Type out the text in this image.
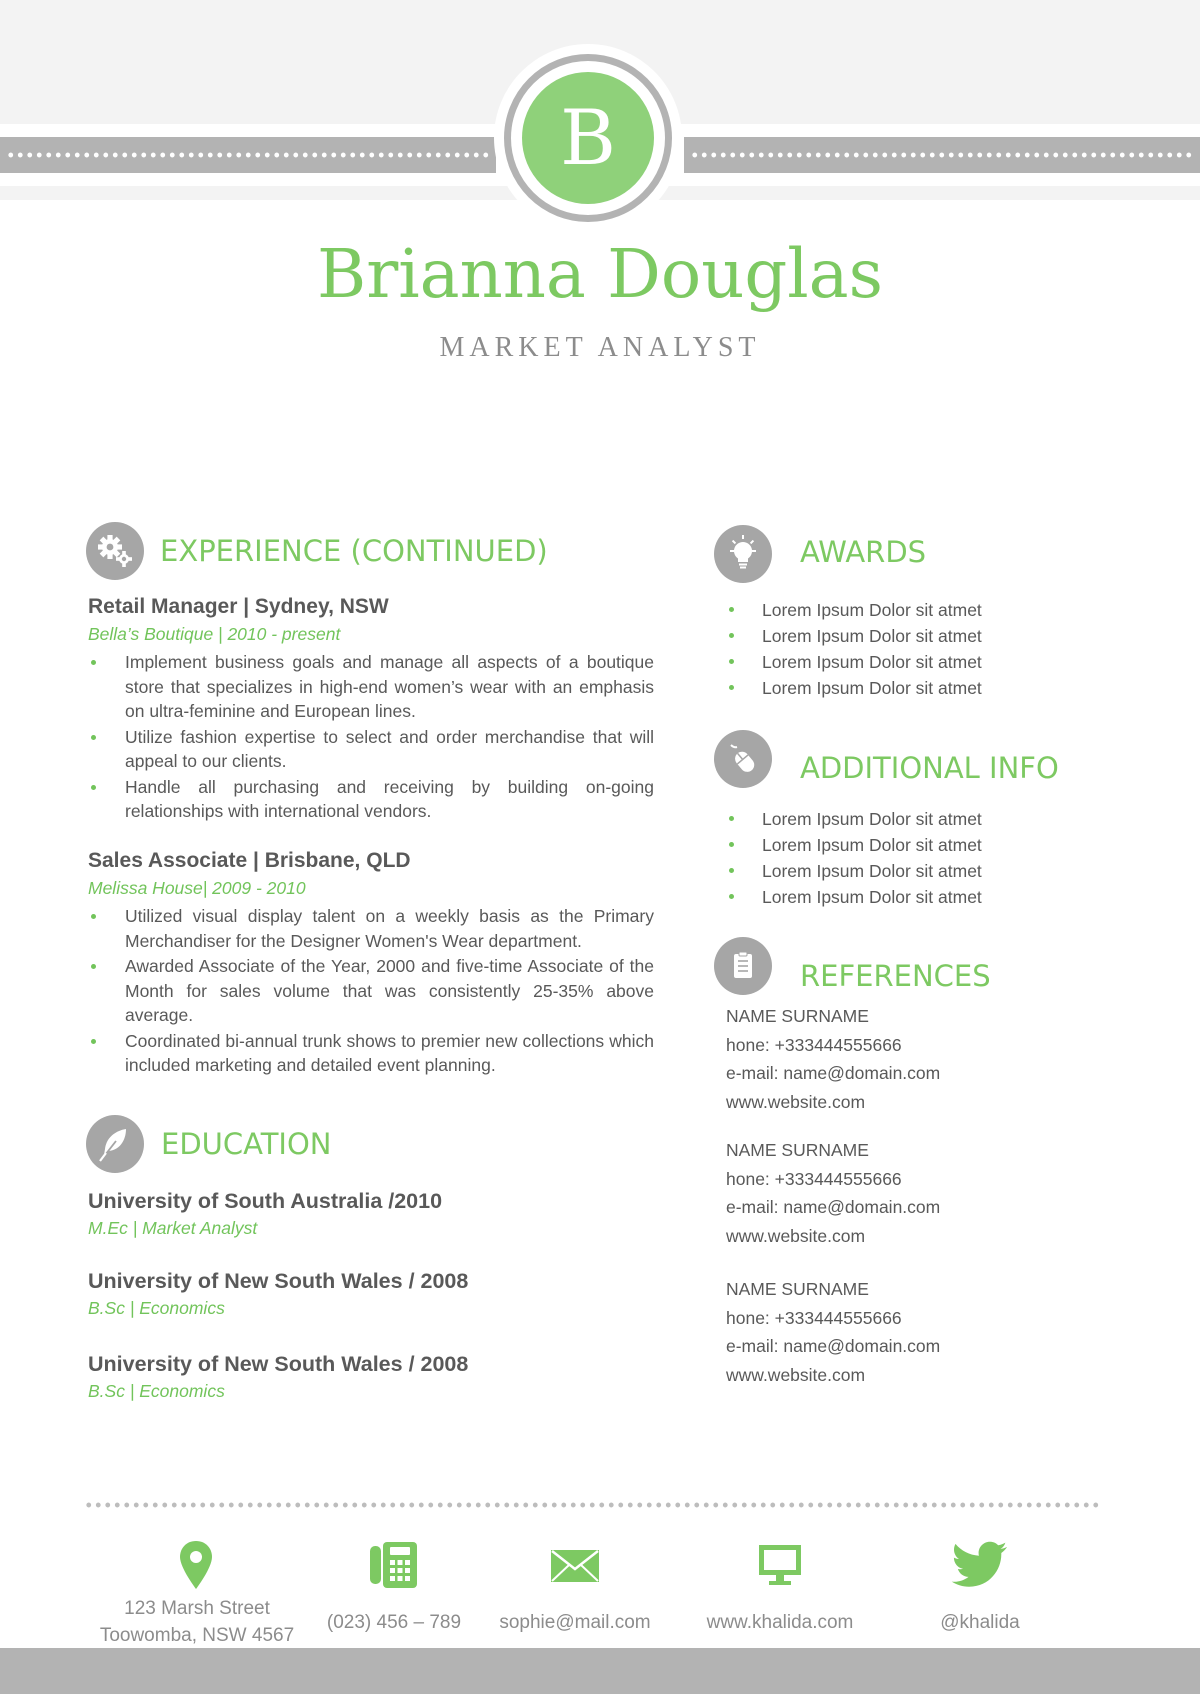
B
Brianna Douglas
MARKET ANALYST
EXPERIENCE (CONTINUED)
Retail Manager | Sydney, NSW
Bella’s Boutique | 2010 - present
Implement business goals and manage all aspects of a boutique store that specializes in high-end women’s wear with an emphasis on ultra-feminine and European lines.
Utilize fashion expertise to select and order merchandise that will appeal to our clients.
Handle all purchasing and receiving by building on-going relationships with international vendors.
Sales Associate | Brisbane, QLD
Melissa House| 2009 - 2010
Utilized visual display talent on a weekly basis as the Primary Merchandiser for the Designer Women's Wear department.
Awarded Associate of the Year, 2000 and five-time Associate of the Month for sales volume that was consistently 25-35% above average.
Coordinated bi-annual trunk shows to premier new collections which included marketing and detailed event planning.
EDUCATION
University of South Australia /2010
M.Ec | Market Analyst
University of New South Wales / 2008
B.Sc | Economics
University of New South Wales / 2008
B.Sc | Economics
AWARDS
Lorem Ipsum Dolor sit atmet
Lorem Ipsum Dolor sit atmet
Lorem Ipsum Dolor sit atmet
Lorem Ipsum Dolor sit atmet
ADDITIONAL INFO
Lorem Ipsum Dolor sit atmet
Lorem Ipsum Dolor sit atmet
Lorem Ipsum Dolor sit atmet
Lorem Ipsum Dolor sit atmet
REFERENCES
NAME SURNAME
hone: +333444555666
e-mail: name@domain.com
www.website.com
NAME SURNAME
hone: +333444555666
e-mail: name@domain.com
www.website.com
NAME SURNAME
hone: +333444555666
e-mail: name@domain.com
www.website.com
123 Marsh Street
Toowomba, NSW 4567
(023) 456 – 789	sophie@mail.com	www.khalida.com	@khalida
